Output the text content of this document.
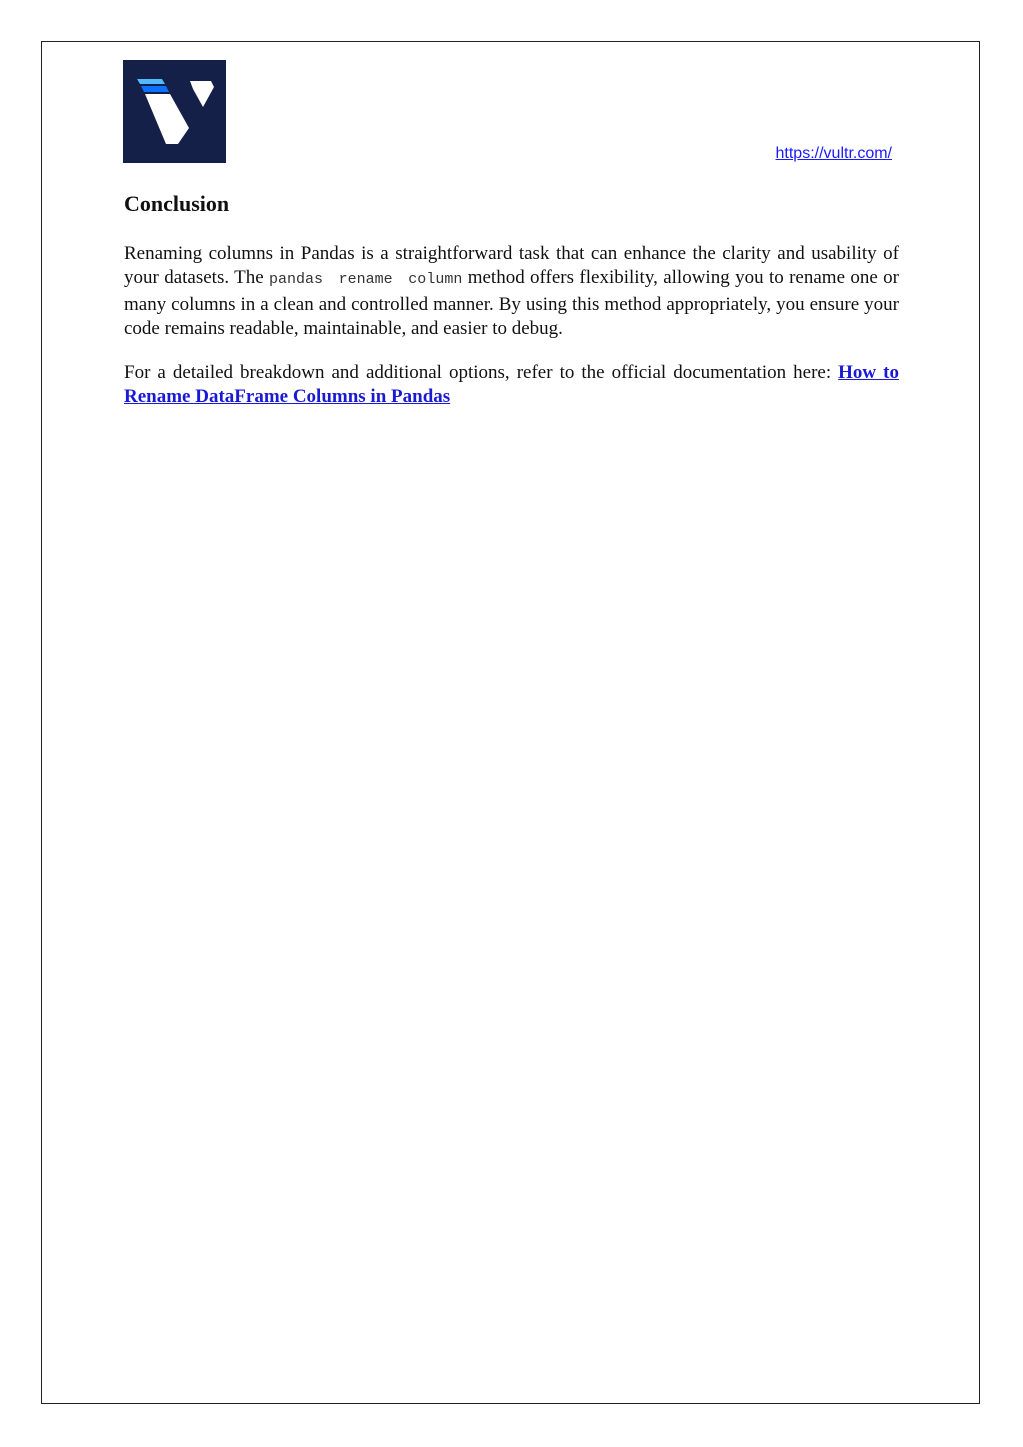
https://vultr.com/
Conclusion

Renaming columns in Pandas is a straightforward task that can enhance the clarity and usability of your datasets. The pandas rename column method offers flexibility, allowing you to rename one or many columns in a clean and controlled manner. By using this method appropriately, you ensure your code remains readable, maintainable, and easier to debug.

For a detailed breakdown and additional options, refer to the official documentation here: How to Rename DataFrame Columns in Pandas
